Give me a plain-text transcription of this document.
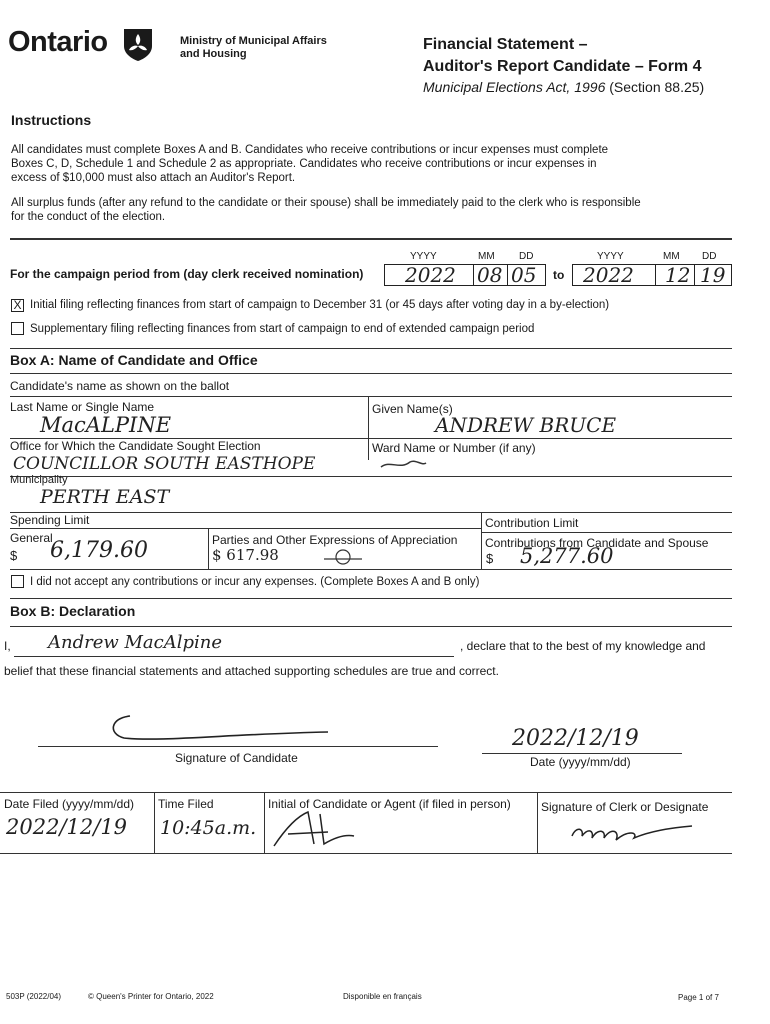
Ontario	Ministry of Municipal Affairs
and Housing
Financial Statement –
Auditor's Report Candidate – Form 4
Municipal Elections Act, 1996 (Section 88.25)
Instructions
All candidates must complete Boxes A and B. Candidates who receive contributions or incur expenses must complete
Boxes C, D, Schedule 1 and Schedule 2 as appropriate. Candidates who receive contributions or incur expenses in
excess of $10,000 must also attach an Auditor's Report.
All surplus funds (after any refund to the candidate or their spouse) shall be immediately paid to the clerk who is responsible
for the conduct of the election.
YYYY	MM DD	YYYY	MM DD
For the campaign period from (day clerk received nomination) 2022 08 05 to 2022 12 19
X Initial filing reflecting finances from start of campaign to December 31 (or 45 days after voting day in a by-election)
Supplementary filing reflecting finances from start of campaign to end of extended campaign period
Box A: Name of Candidate and Office
Candidate's name as shown on the ballot
Last Name or Single Name
MacALPINE
Given Name(s)
ANDREW BRUCE
Office for Which the Candidate Sought Election	Ward Name or Number (if any)
COUNCILLOR SOUTH EASTHOPE
Municipality
PERTH EAST
Spending Limit	Contribution Limit
General
$ 6,179.60	Parties and Other Expressions of Appreciation
$ 617.98
Contributions from Candidate and Spouse
$ 5,277.60
I did not accept any contributions or incur any expenses. (Complete Boxes A and B only)
Box B: Declaration
I, Andrew MacAlpine	, declare that to the best of my knowledge and
belief that these financial statements and attached supporting schedules are true and correct.
Signature of Candidate
2022/12/19
Date (yyyy/mm/dd)
Date Filed (yyyy/mm/dd)
2022/12/19
Time Filed
10:45a.m.
Initial of Candidate or Agent (if filed in person)	Signature of Clerk or Designate
503P (2022/04)	© Queen's Printer for Ontario, 2022	Disponible en français	Page 1 of 7
